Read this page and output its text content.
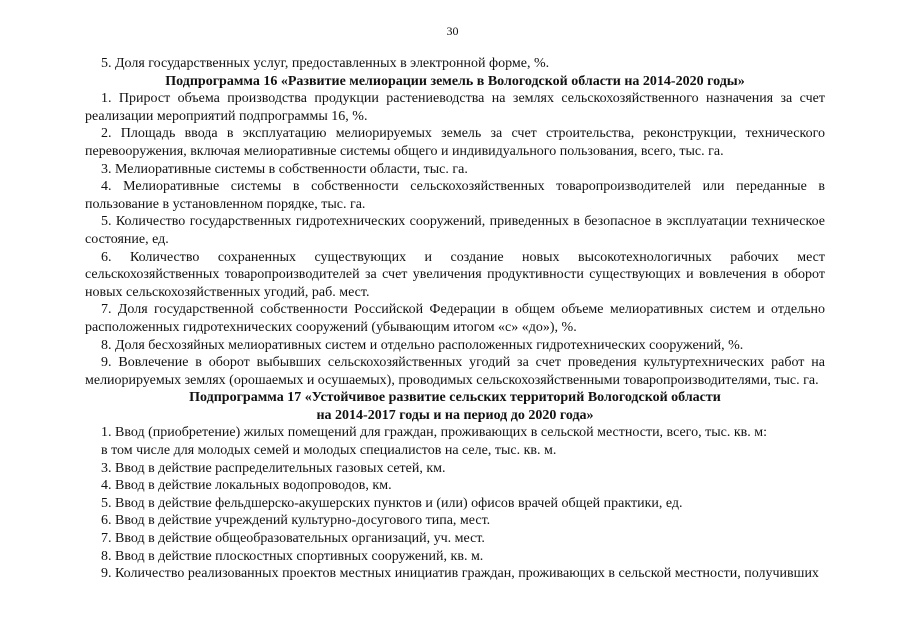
30

5. Доля государственных услуг, предоставленных в электронной форме, %.

Подпрограмма 16 «Развитие мелиорации земель в Вологодской области на 2014-2020 годы»

1. Прирост объема производства продукции растениеводства на землях сельскохозяйственного назначения за счет реализации мероприятий подпрограммы 16, %.

2. Площадь ввода в эксплуатацию мелиорируемых земель за счет строительства, реконструкции, технического перевооружения, включая мелиоративные системы общего и индивидуального пользования, всего, тыс. га.

3. Мелиоративные системы в собственности области, тыс. га.

4. Мелиоративные системы в собственности сельскохозяйственных товаропроизводителей или переданные в пользование в установленном порядке, тыс. га.

5. Количество государственных гидротехнических сооружений, приведенных в безопасное в эксплуатации техническое состояние, ед.

6. Количество сохраненных существующих и создание новых высокотехнологичных рабочих мест сельскохозяйственных товаропроизводителей за счет увеличения продуктивности существующих и вовлечения в оборот новых сельскохозяйственных угодий, раб. мест.

7. Доля государственной собственности Российской Федерации в общем объеме мелиоративных систем и отдельно расположенных гидротехнических сооружений (убывающим итогом «с» «до»), %.

8. Доля бесхозяйных мелиоративных систем и отдельно расположенных гидротехнических сооружений, %.

9. Вовлечение в оборот выбывших сельскохозяйственных угодий за счет проведения культуртехнических работ на мелиорируемых землях (орошаемых и осушаемых), проводимых сельскохозяйственными товаропроизводителями, тыс. га.

Подпрограмма 17 «Устойчивое развитие сельских территорий Вологодской области
на 2014-2017 годы и на период до 2020 года»

1. Ввод (приобретение) жилых помещений для граждан, проживающих в сельской местности, всего, тыс. кв. м:

в том числе для молодых семей и молодых специалистов на селе, тыс. кв. м.

3. Ввод в действие распределительных газовых сетей, км.

4. Ввод в действие локальных водопроводов, км.

5. Ввод в действие фельдшерско-акушерских пунктов и (или) офисов врачей общей практики, ед.

6. Ввод в действие учреждений культурно-досугового типа, мест.

7. Ввод в действие общеобразовательных организаций, уч. мест.

8. Ввод в действие плоскостных спортивных сооружений, кв. м.

9. Количество реализованных проектов местных инициатив граждан, проживающих в сельской местности, получивших
